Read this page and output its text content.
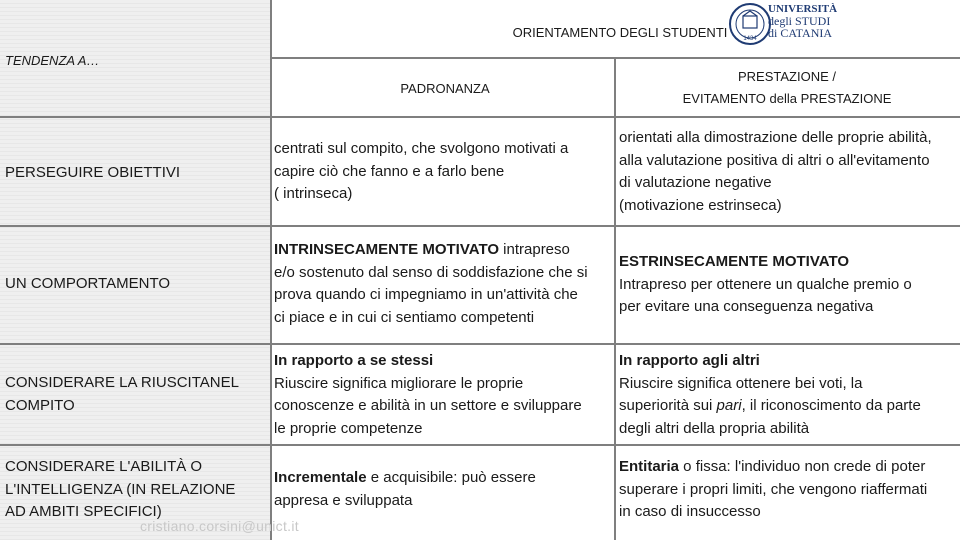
1434
UNIVERSITÀ
degli STUDI
di CATANIA
ORIENTAMENTO DEGLI STUDENTI
TENDENZA A…
PADRONANZA
PRESTAZIONE /
EVITAMENTO della PRESTAZIONE
PERSEGUIRE OBIETTIVI
centrati sul compito, che svolgono motivati a
capire ciò che fanno e a farlo bene
( intrinseca)
orientati alla dimostrazione delle proprie abilità,
alla valutazione positiva di altri o all'evitamento
di valutazione negative
(motivazione estrinseca)
UN COMPORTAMENTO
INTRINSECAMENTE MOTIVATO intrapreso
e/o sostenuto dal senso di soddisfazione che si
prova quando ci impegniamo in un'attività che
ci piace e in cui ci sentiamo competenti
ESTRINSECAMENTE MOTIVATO
Intrapreso per ottenere un qualche premio o
per evitare una conseguenza negativa
CONSIDERARE LA RIUSCITANEL
COMPITO
In rapporto a se stessi
Riuscire significa migliorare le proprie
conoscenze e abilità in un settore e sviluppare
le proprie competenze
In rapporto agli altri
Riuscire significa ottenere bei voti, la
superiorità sui pari, il riconoscimento da parte
degli altri della propria abilità
CONSIDERARE L'ABILITÀ O
L'INTELLIGENZA (IN RELAZIONE
AD AMBITI SPECIFICI)
Incrementale e acquisibile: può essere
appresa e sviluppata
Entitaria o fissa: l'individuo non crede di poter
superare i propri limiti, che vengono riaffermati
in caso di insuccesso
cristiano.corsini@unict.it
